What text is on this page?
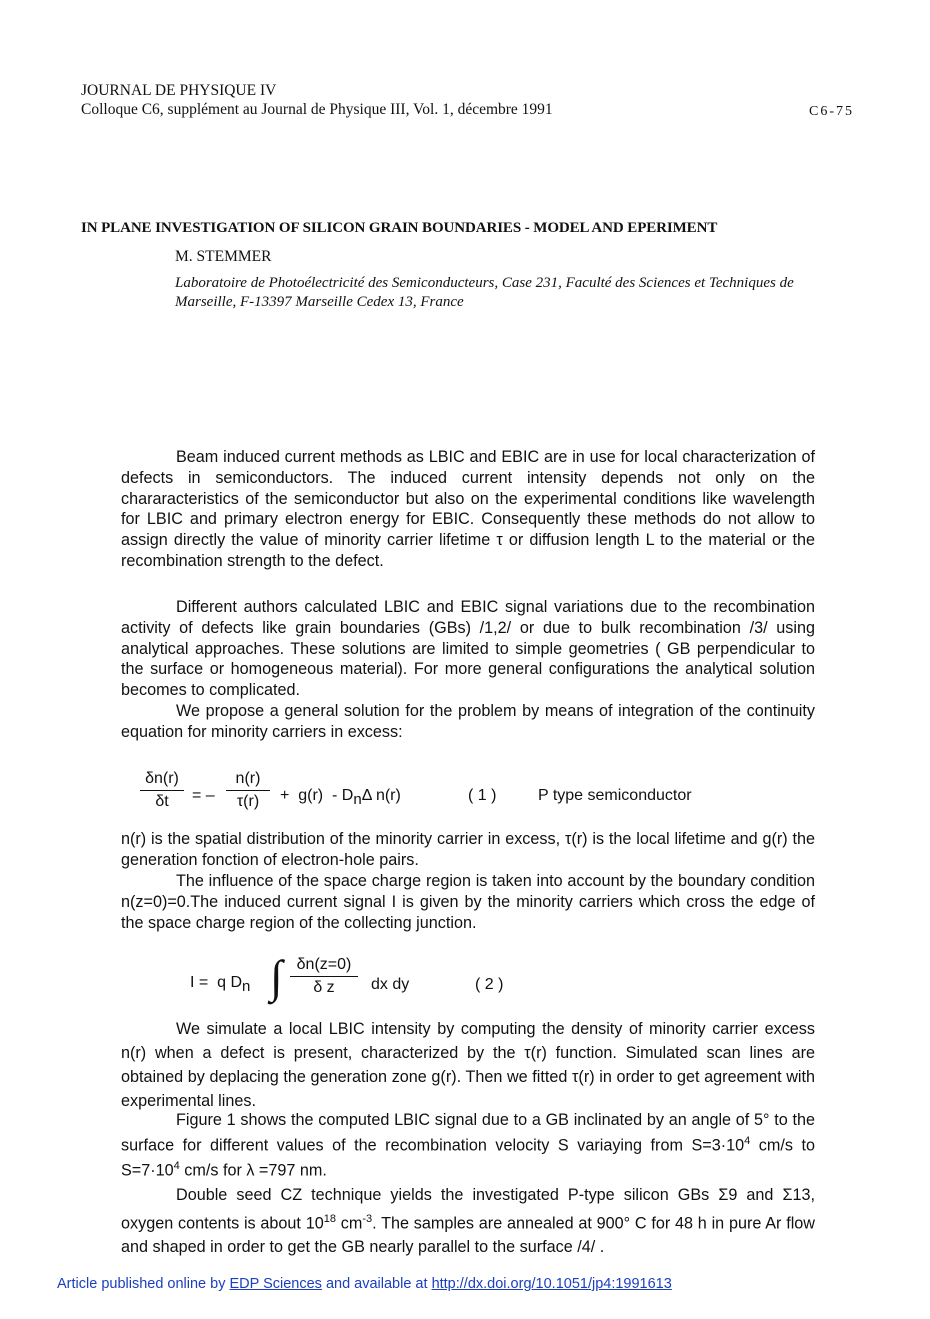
JOURNAL DE PHYSIQUE IV
Colloque C6, supplément au Journal de Physique III, Vol. 1, décembre 1991	C6-75
IN PLANE INVESTIGATION OF SILICON GRAIN BOUNDARIES - MODEL AND EPERIMENT
M. STEMMER
Laboratoire de Photoélectricité des Semiconducteurs, Case 231, Faculté des Sciences et Techniques de Marseille, F-13397 Marseille Cedex 13, France
Beam induced current methods as LBIC and EBIC are in use for local characterization of defects in semiconductors. The induced current intensity depends not only on the chararacteristics of the semiconductor but also on the experimental conditions like wavelength for LBIC and primary electron energy for EBIC. Consequently these methods do not allow to assign directly the value of minority carrier lifetime τ or diffusion length L to the material or the recombination strength to the defect.
Different authors calculated LBIC and EBIC signal variations due to the recombination activity of defects like grain boundaries (GBs) /1,2/ or due to bulk recombination /3/ using analytical approaches. These solutions are limited to simple geometries ( GB perpendicular to the surface or homogeneous material). For more general configurations the analytical solution becomes to complicated.
We propose a general solution for the problem by means of integration of the continuity equation for minority carriers in excess:
δn(r)
δt	= –
n(r)
τ(r)	+  $g(r) - D_n\Delta$ n(r)	( 1 )	P type semiconductor
n(r) is the spatial distribution of the minority carrier in excess, τ(r) is the local lifetime and g(r) the generation fonction of electron-hole pairs.
The influence of the space charge region is taken into account by the boundary condition n(z=0)=0.The induced current signal I is given by the minority carriers which cross the edge of the space charge region of the collecting junction.
I =  q $D_n$ ∫ δn(z=0)
δ z	dx dy	( 2 )
We simulate a local LBIC intensity by computing the density of minority carrier excess n(r) when a defect is present, characterized by the τ(r) function. Simulated scan lines are obtained by deplacing the generation zone g(r). Then we fitted τ(r) in order to get agreement with experimental lines.
Figure 1 shows the computed LBIC signal due to a GB inclinated by an angle of 5° to the surface for different values of the recombination velocity S variaying from $S=3\cdot 10^4$ cm/s to $S=7\cdot 10^4$ cm/s for λ =797 nm.
Double seed CZ technique yields the investigated P-type silicon GBs Σ9 and Σ13, oxygen contents is about $10^{18}$ $cm^{-3}$. The samples are annealed at 900° C for 48 h in pure Ar flow and shaped in order to get the GB nearly parallel to the surface /4/ .
Article published online by EDP Sciences and available at http://dx.doi.org/10.1051/jp4:1991613
